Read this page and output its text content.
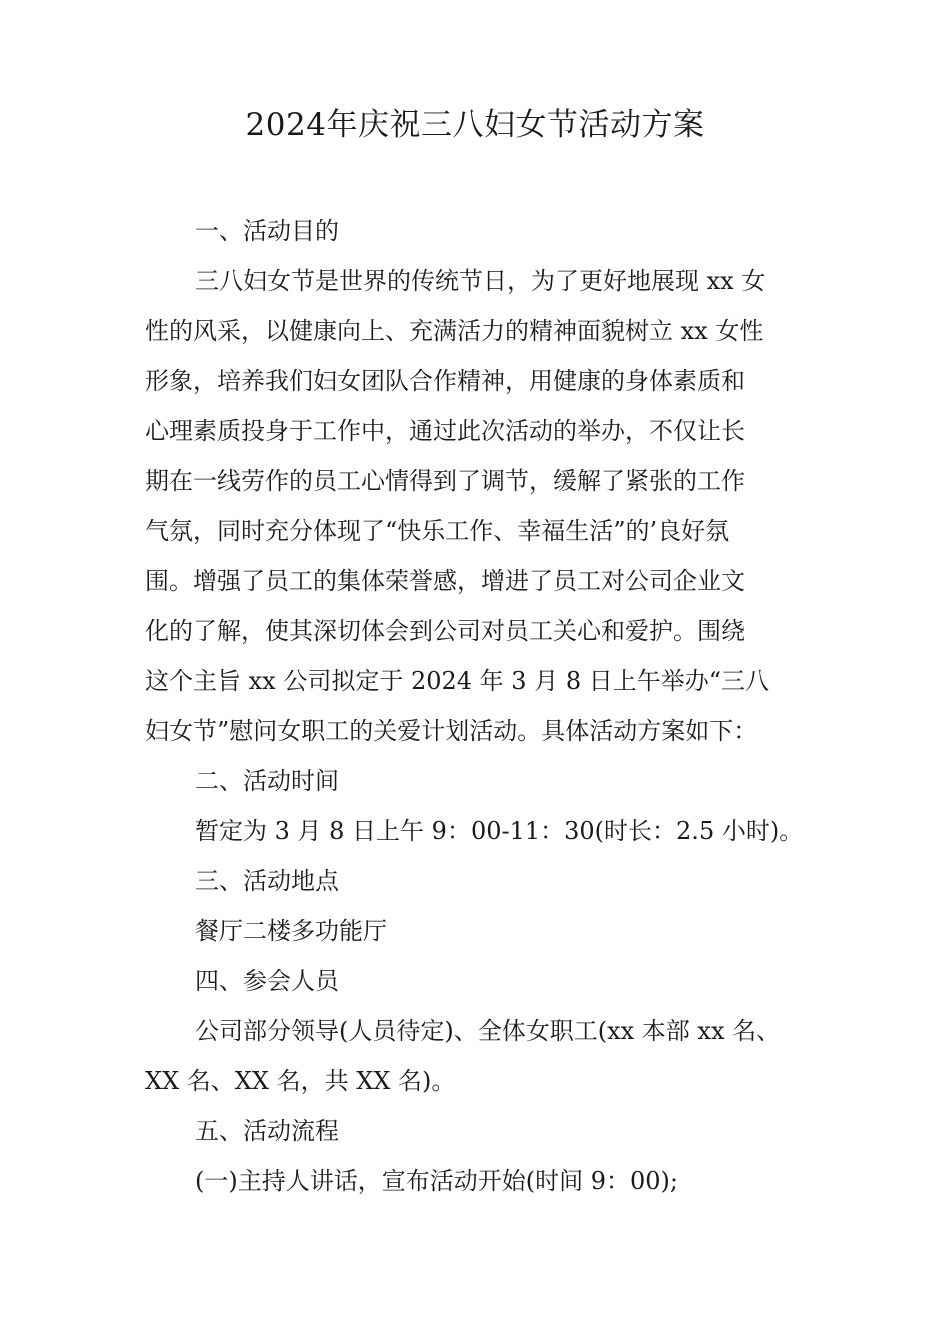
2024年庆祝三八妇女节活动方案

一、活动目的

三八妇女节是世界的传统节日，为了更好地展现 xx 女

性的风采，以健康向上、充满活力的精神面貌树立 xx 女性

形象，培养我们妇女团队合作精神，用健康的身体素质和

心理素质投身于工作中，通过此次活动的举办，不仅让长

期在一线劳作的员工心情得到了调节，缓解了紧张的工作

气氛，同时充分体现了“快乐工作、幸福生活”的’良好氛

围。增强了员工的集体荣誉感，增进了员工对公司企业文

化的了解，使其深切体会到公司对员工关心和爱护。围绕

这个主旨 xx 公司拟定于 2024 年 3 月 8 日上午举办“三八

妇女节”慰问女职工的关爱计划活动。具体活动方案如下：

二、活动时间

暂定为 3 月 8 日上午 9：00-11：30(时长：2.5 小时)。

三、活动地点

餐厅二楼多功能厅

四、参会人员

公司部分领导(人员待定)、全体女职工(xx 本部 xx 名、

XX 名、XX 名，共 XX 名)。

五、活动流程

(一)主持人讲话，宣布活动开始(时间 9：00);
